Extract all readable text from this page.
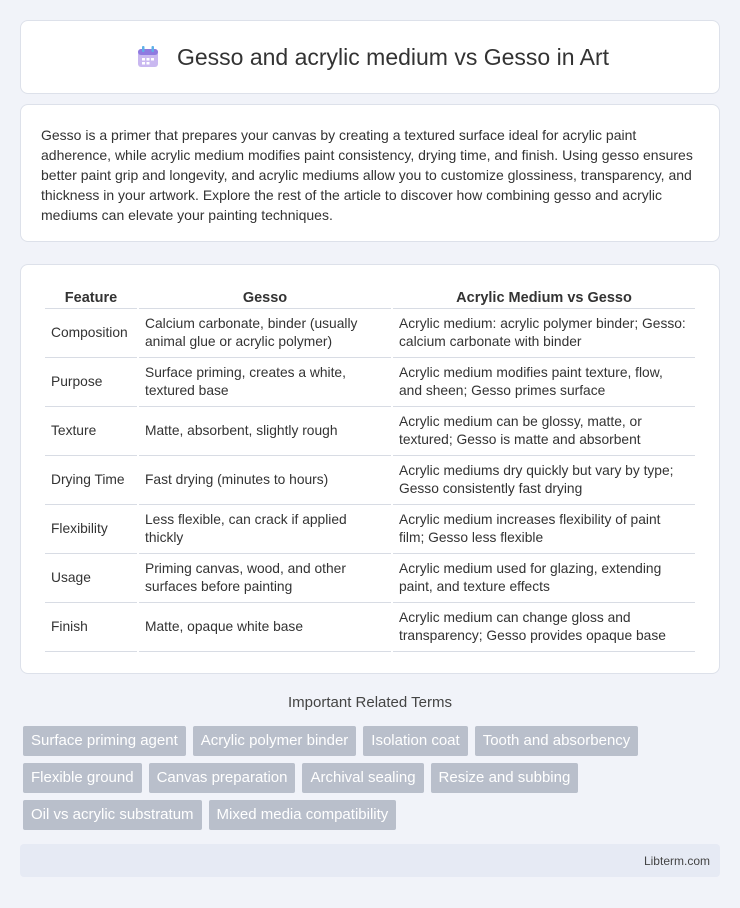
Gesso and acrylic medium vs Gesso in Art

Gesso is a primer that prepares your canvas by creating a textured surface ideal for acrylic paint adherence, while acrylic medium modifies paint consistency, drying time, and finish. Using gesso ensures better paint grip and longevity, and acrylic mediums allow you to customize glossiness, transparency, and thickness in your artwork. Explore the rest of the article to discover how combining gesso and acrylic mediums can elevate your painting techniques.

Feature	Gesso	Acrylic Medium vs Gesso
Composition	Calcium carbonate, binder (usually animal glue or acrylic polymer)	Acrylic medium: acrylic polymer binder; Gesso: calcium carbonate with binder
Purpose	Surface priming, creates a white, textured base	Acrylic medium modifies paint texture, flow, and sheen; Gesso primes surface
Texture	Matte, absorbent, slightly rough	Acrylic medium can be glossy, matte, or textured; Gesso is matte and absorbent
Drying Time	Fast drying (minutes to hours)	Acrylic mediums dry quickly but vary by type; Gesso consistently fast drying
Flexibility	Less flexible, can crack if applied thickly	Acrylic medium increases flexibility of paint film; Gesso less flexible
Usage	Priming canvas, wood, and other surfaces before painting	Acrylic medium used for glazing, extending paint, and texture effects
Finish	Matte, opaque white base	Acrylic medium can change gloss and transparency; Gesso provides opaque base
Important Related Terms
Surface priming agent	Acrylic polymer binder	Isolation coat	Tooth and absorbency
Flexible ground	Canvas preparation	Archival sealing	Resize and subbing
Oil vs acrylic substratum	Mixed media compatibility
Libterm.com
